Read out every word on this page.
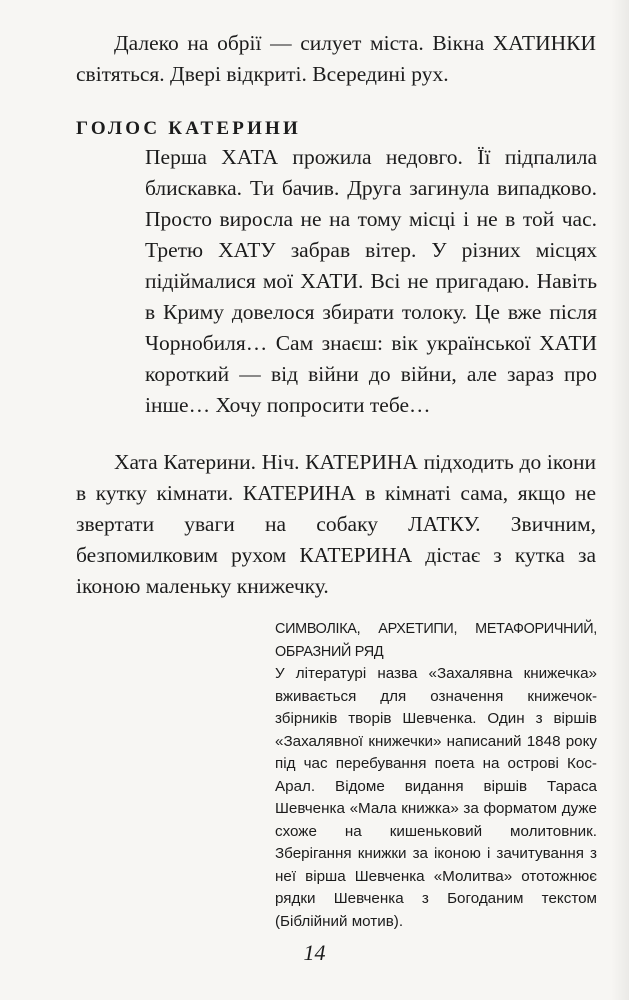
Далеко на обрії — силует міста. Вікна ХАТИНКИ світяться. Двері відкриті. Всередині рух.

ГОЛОС КАТЕРИНИ

Перша ХАТА прожила недовго. Її підпалила блискавка. Ти бачив. Друга загинула випадково. Просто виросла не на тому місці і не в той час. Третю ХАТУ забрав вітер. У різних місцях підіймалися мої ХАТИ. Всі не пригадаю. Навіть в Криму довелося збирати толоку. Це вже після Чорнобиля… Сам знаєш: вік української ХАТИ короткий — від війни до війни, але зараз про інше… Хочу попросити тебе…

Хата Катерини. Ніч. КАТЕРИНА підходить до ікони в кутку кімнати. КАТЕРИНА в кімнаті сама, якщо не звертати уваги на собаку ЛАТКУ. Звичним, безпомилковим рухом КАТЕРИНА дістає з кутка за іконою маленьку книжечку.

СИМВОЛІКА, АРХЕТИПИ, МЕТАФОРИЧНИЙ, ОБРАЗНИЙ РЯД

У літературі назва «Захалявна книжечка» вживається для означення книжечок-збірників творів Шевченка. Один з віршів «Захалявної книжечки» написаний 1848 року під час перебування поета на острові Кос-Арал. Відоме видання віршів Тараса Шевченка «Мала книжка» за форматом дуже схоже на кишеньковий молитовник. Зберігання книжки за іконою і зачитування з неї вірша Шевченка «Молитва» ототожнює рядки Шевченка з Богоданим текстом (Біблійний мотив).

14
